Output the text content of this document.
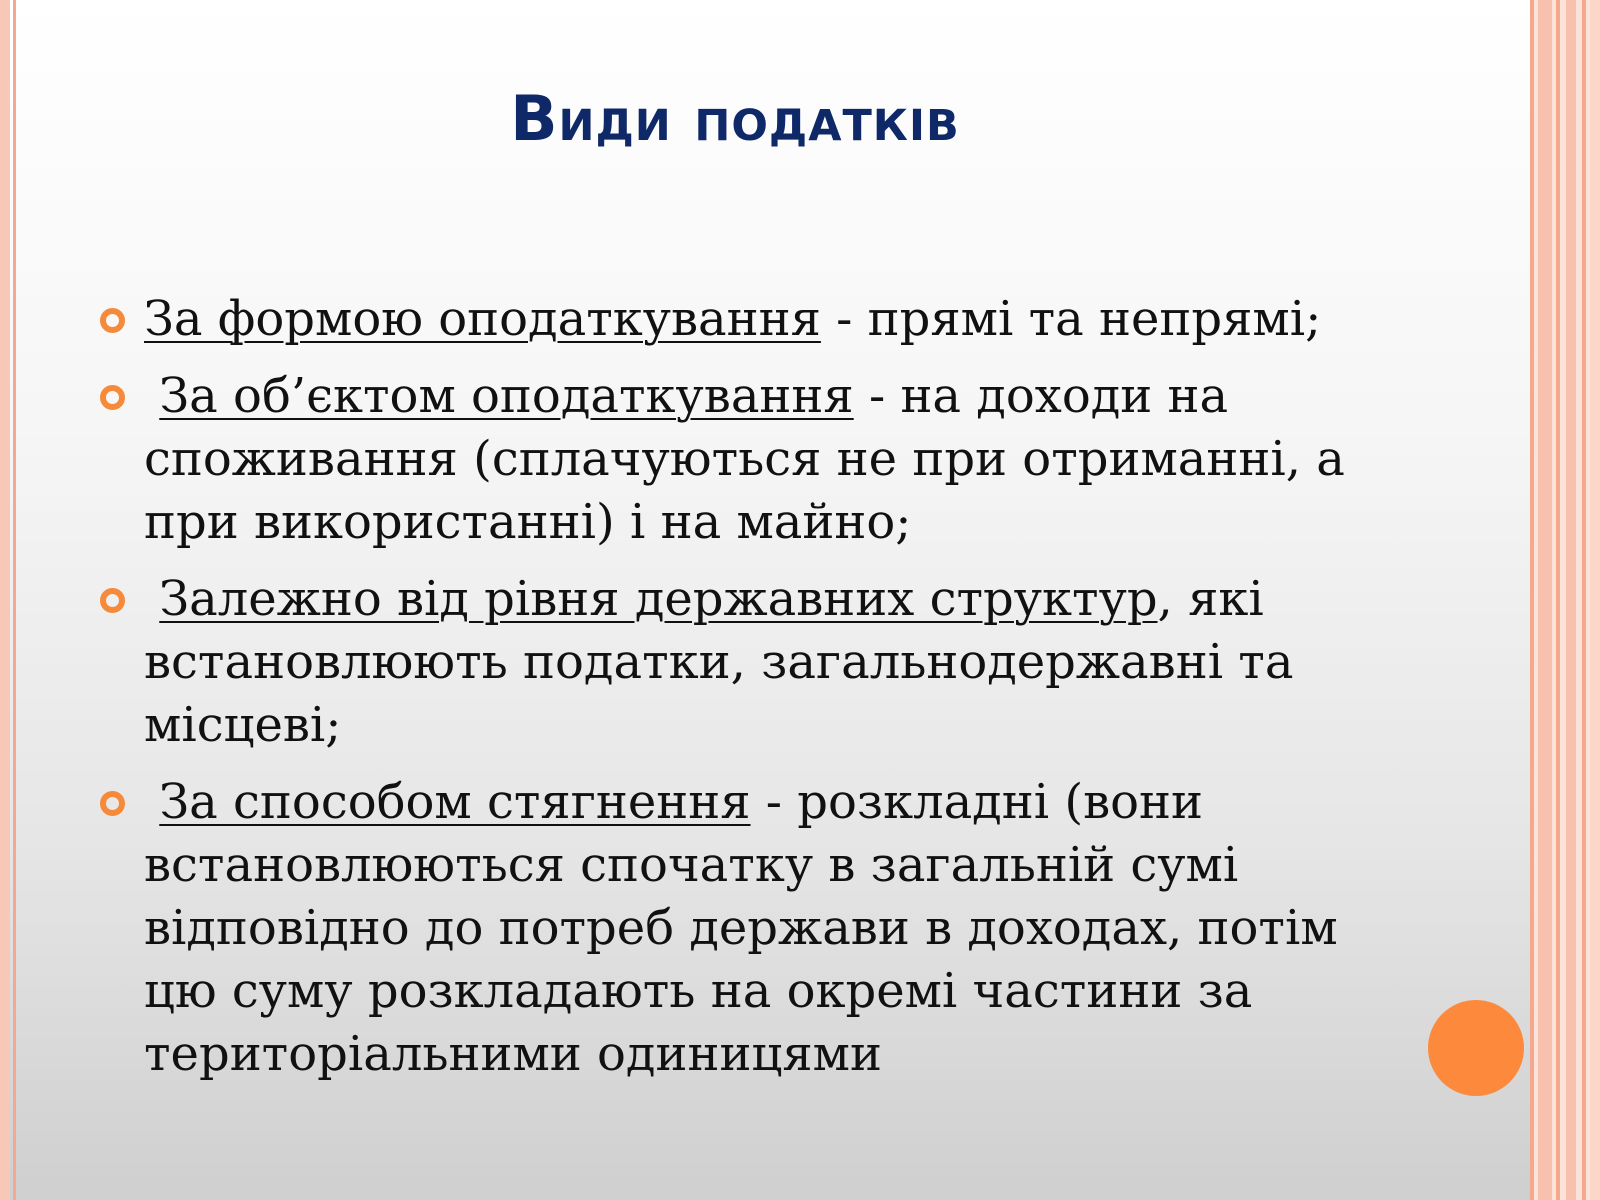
Види податків
За формою оподаткування - прямі та непрямі;
За об’єктом оподаткування - на доходи на споживання (сплачуються не при отриманні, а при використанні) і на майно;
Залежно від рівня державних структур, які встановлюють податки, загальнодержавні та місцеві;
За способом стягнення - розкладні (вони встановлюються спочатку в загальній сумі відповідно до потреб держави в доходах, потім цю суму розкладають на окремі частини за територіальними одиницями
